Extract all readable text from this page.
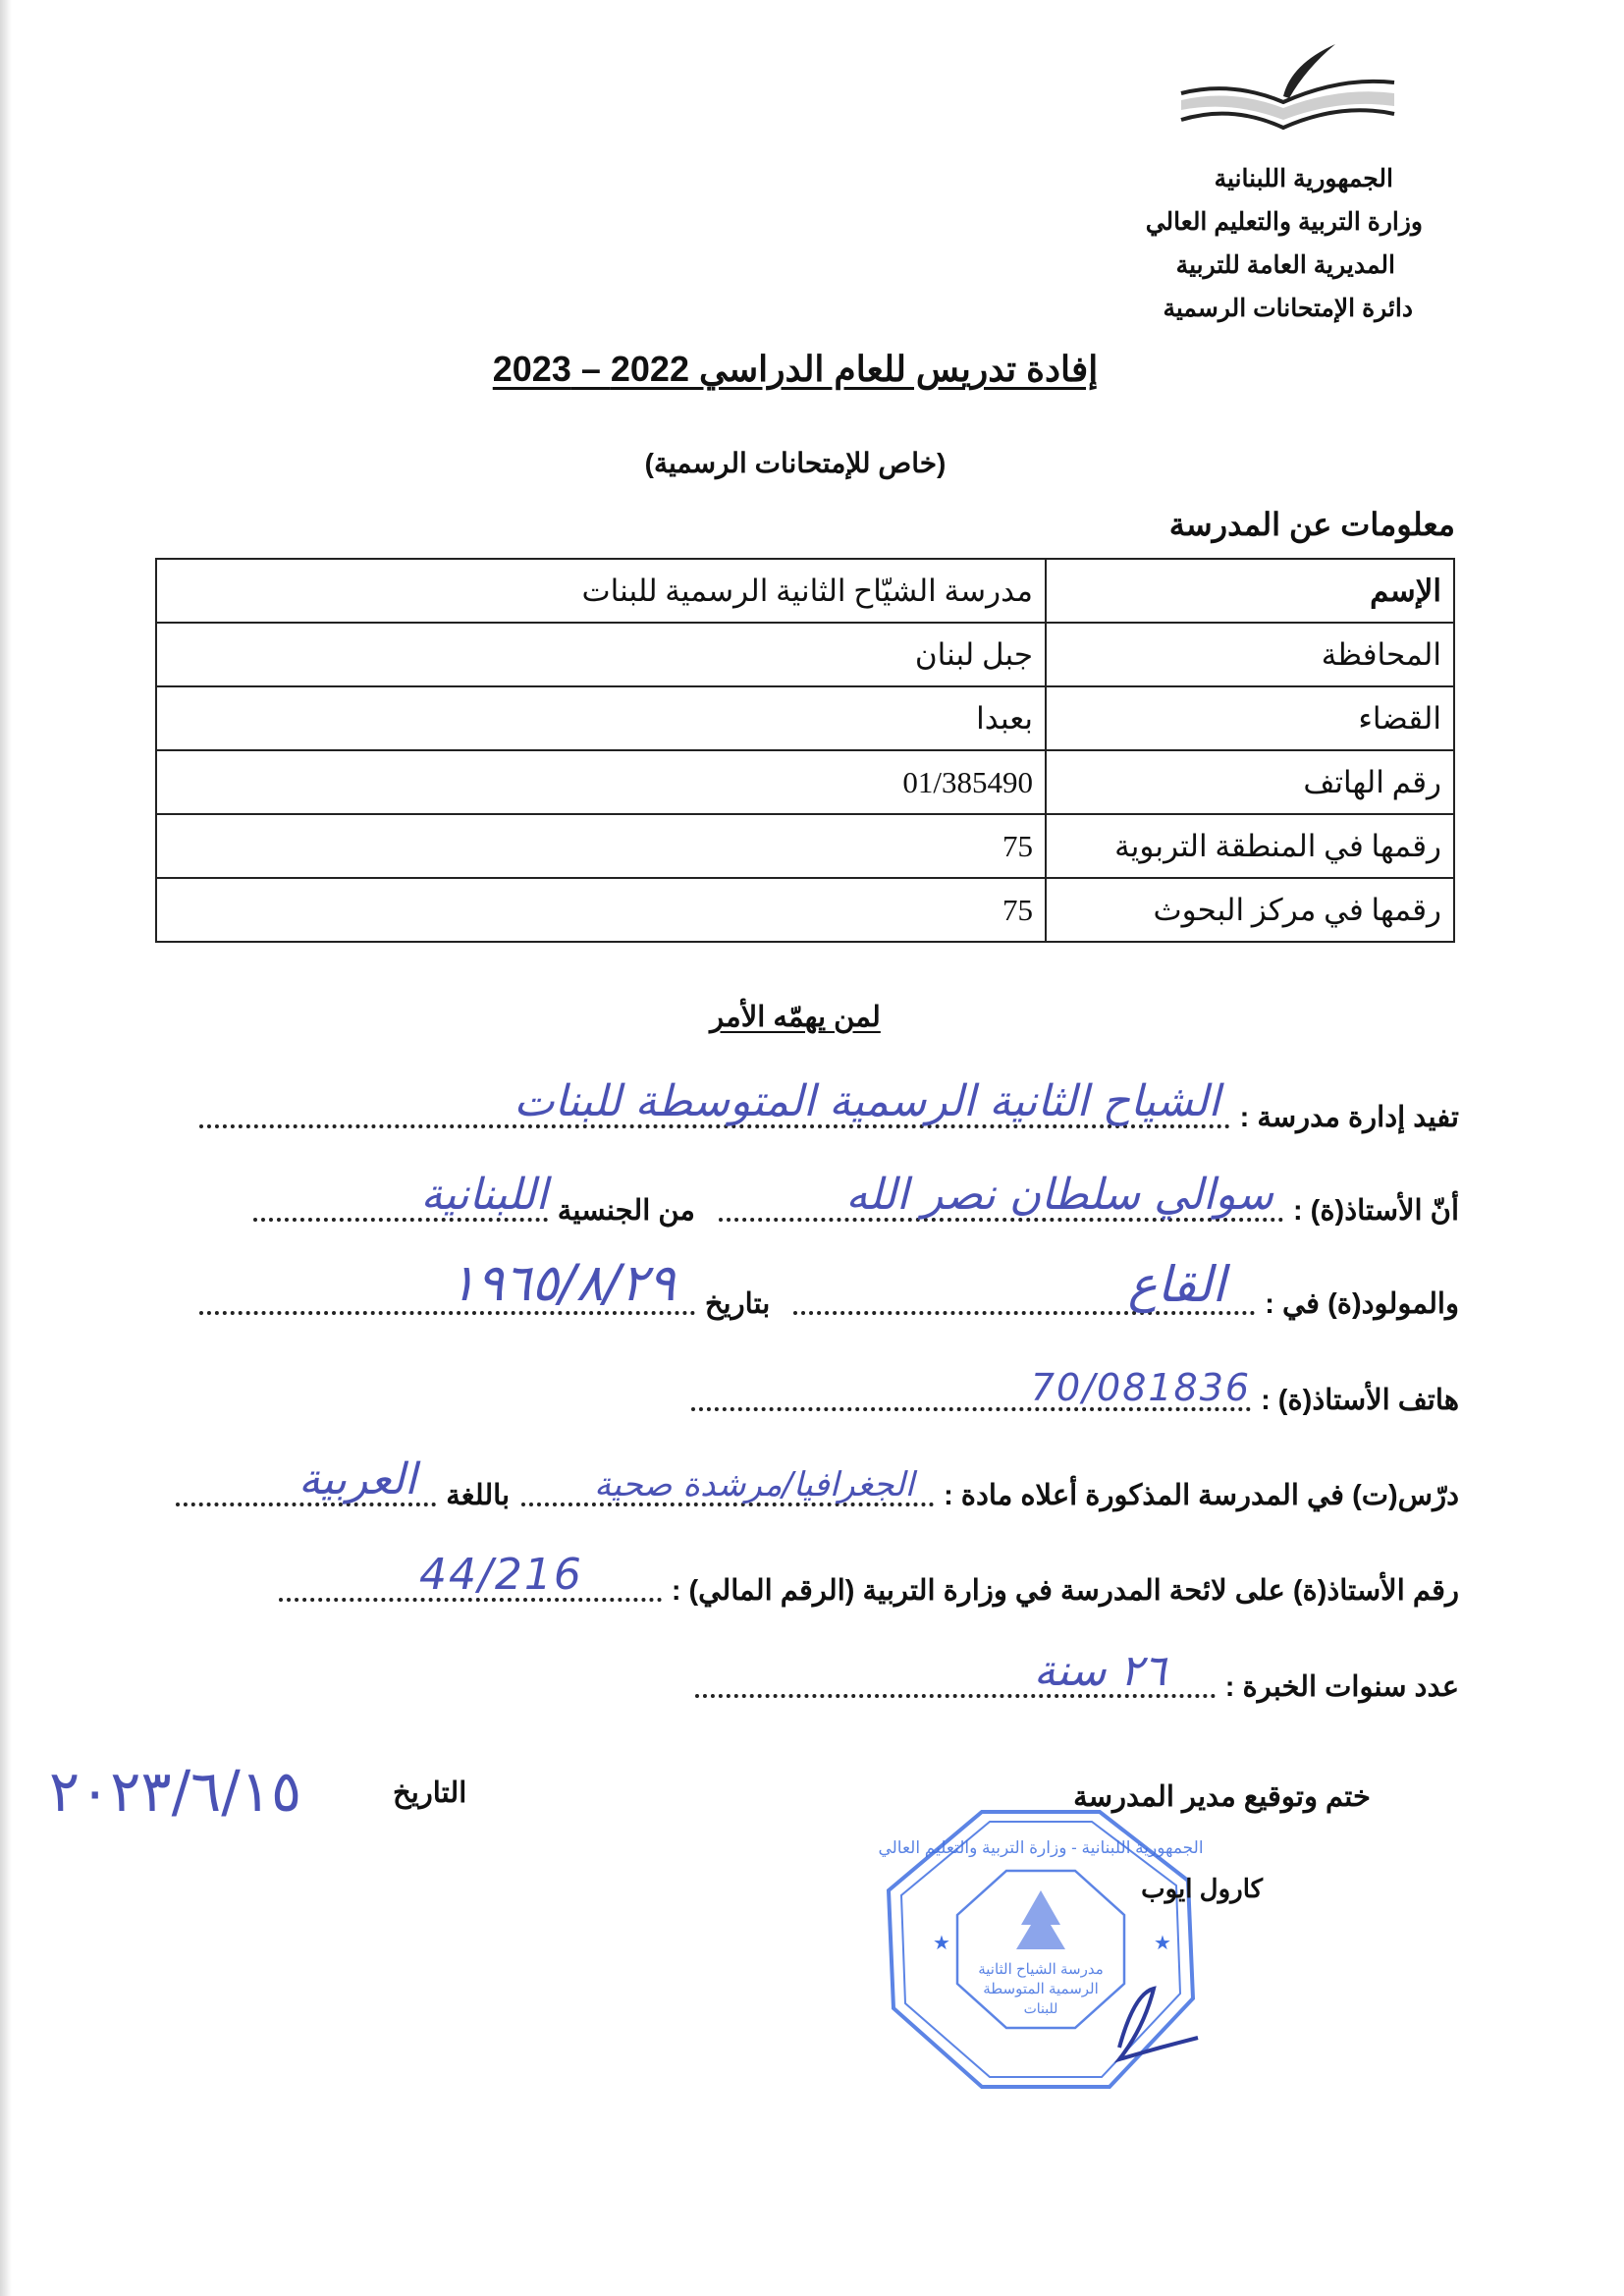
الجمهورية اللبنانية
وزارة التربية والتعليم العالي
المديرية العامة للتربية
دائرة الإمتحانات الرسمية
إفادة تدريس للعام الدراسي 2022 – 2023
(خاص للإمتحانات الرسمية)
معلومات عن المدرسة
الإسم	مدرسة الشيّاح الثانية الرسمية للبنات
المحافظة	جبل لبنان
القضاء	بعبدا
رقم الهاتف	01/385490
رقمها في المنطقة التربوية	75
رقمها في مركز البحوث	75
لمن يهمّه الأمر
تفيد إدارة مدرسة :
الشياح الثانية الرسمية المتوسطة للبنات
أنّ الأستاذ(ة) :
سوالي سلطان نصر الله
من الجنسية
اللبنانية
والمولود(ة) في :
القاع
بتاريخ
١٩٦٥/٨/٢٩
هاتف الأستاذ(ة) :
70/081836
درّس(ت) في المدرسة المذكورة أعلاه مادة :
الجغرافيا/مرشدة صحية
باللغة
العربية
رقم الأستاذ(ة) على لائحة المدرسة في وزارة التربية (الرقم المالي) :
44/216
عدد سنوات الخبرة :
٢٦ سنة
ختم وتوقيع مدير المدرسة
التاريخ
٢٠٢٣/٦/١٥
★	★
الجمهورية اللبنانية - وزارة التربية والتعليم العالي
مدرسة الشياح الثانية
الرسمية المتوسطة
للبنات
كارول ايوب
